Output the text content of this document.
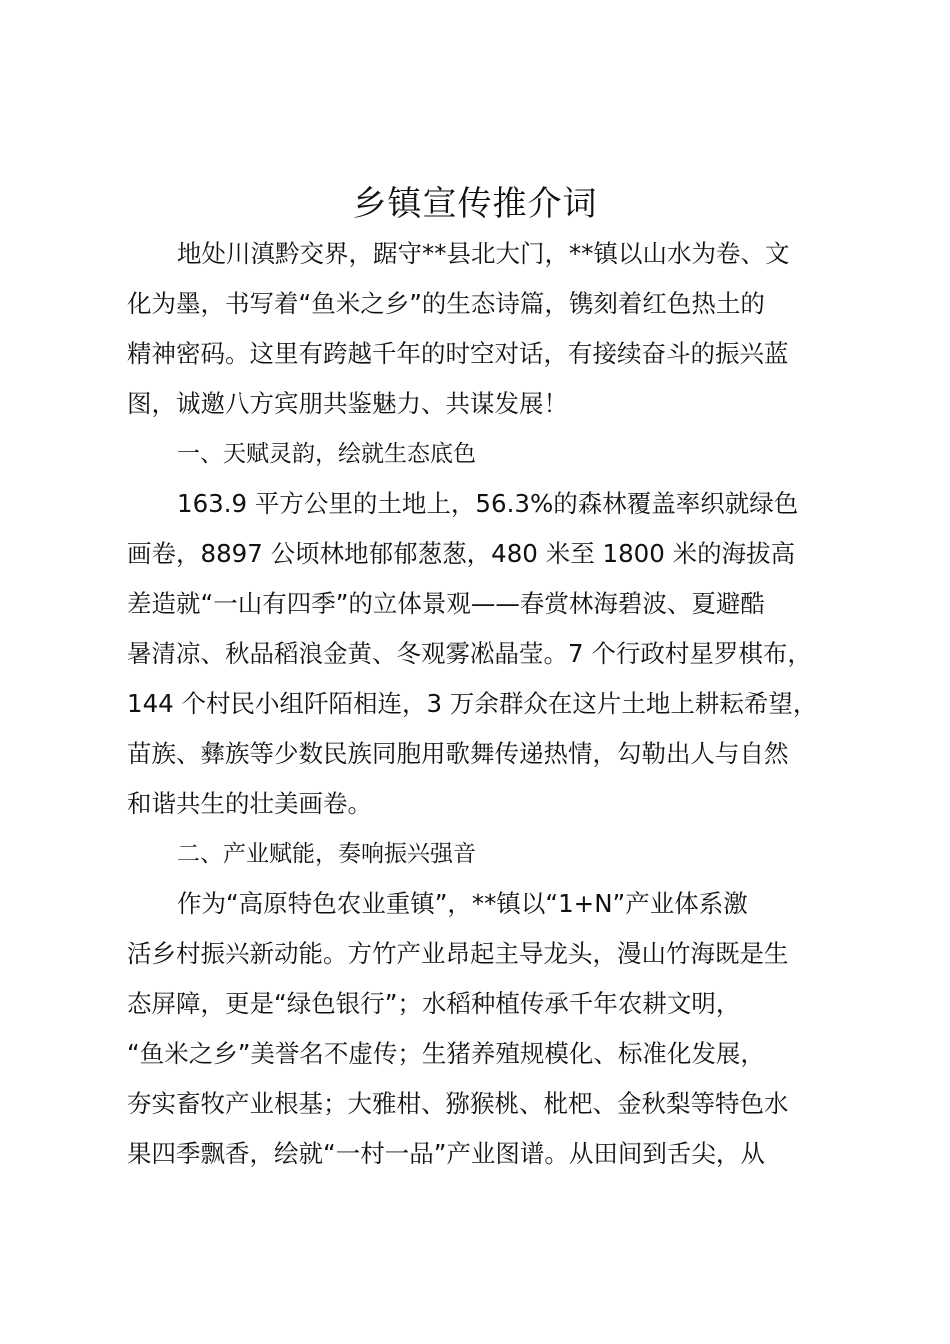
乡镇宣传推介词

地处川滇黔交界，踞守**县北大门，**镇以山水为卷、文

化为墨，书写着“鱼米之乡”的生态诗篇，镌刻着红色热土的

精神密码。这里有跨越千年的时空对话，有接续奋斗的振兴蓝

图，诚邀八方宾朋共鉴魅力、共谋发展！

一、天赋灵韵，绘就生态底色

163.9 平方公里的土地上，56.3%的森林覆盖率织就绿色

画卷，8897 公顷林地郁郁葱葱，480 米至 1800 米的海拔高

差造就“一山有四季”的立体景观——春赏林海碧波、夏避酷

暑清凉、秋品稻浪金黄、冬观雾凇晶莹。7 个行政村星罗棋布，

144 个村民小组阡陌相连，3 万余群众在这片土地上耕耘希望，

苗族、彝族等少数民族同胞用歌舞传递热情，勾勒出人与自然

和谐共生的壮美画卷。

二、产业赋能，奏响振兴强音

作为“高原特色农业重镇”，**镇以“1+N”产业体系激

活乡村振兴新动能。方竹产业昂起主导龙头，漫山竹海既是生

态屏障，更是“绿色银行”；水稻种植传承千年农耕文明，

“鱼米之乡”美誉名不虚传；生猪养殖规模化、标准化发展，

夯实畜牧产业根基；大雅柑、猕猴桃、枇杷、金秋梨等特色水

果四季飘香，绘就“一村一品”产业图谱。从田间到舌尖，从
